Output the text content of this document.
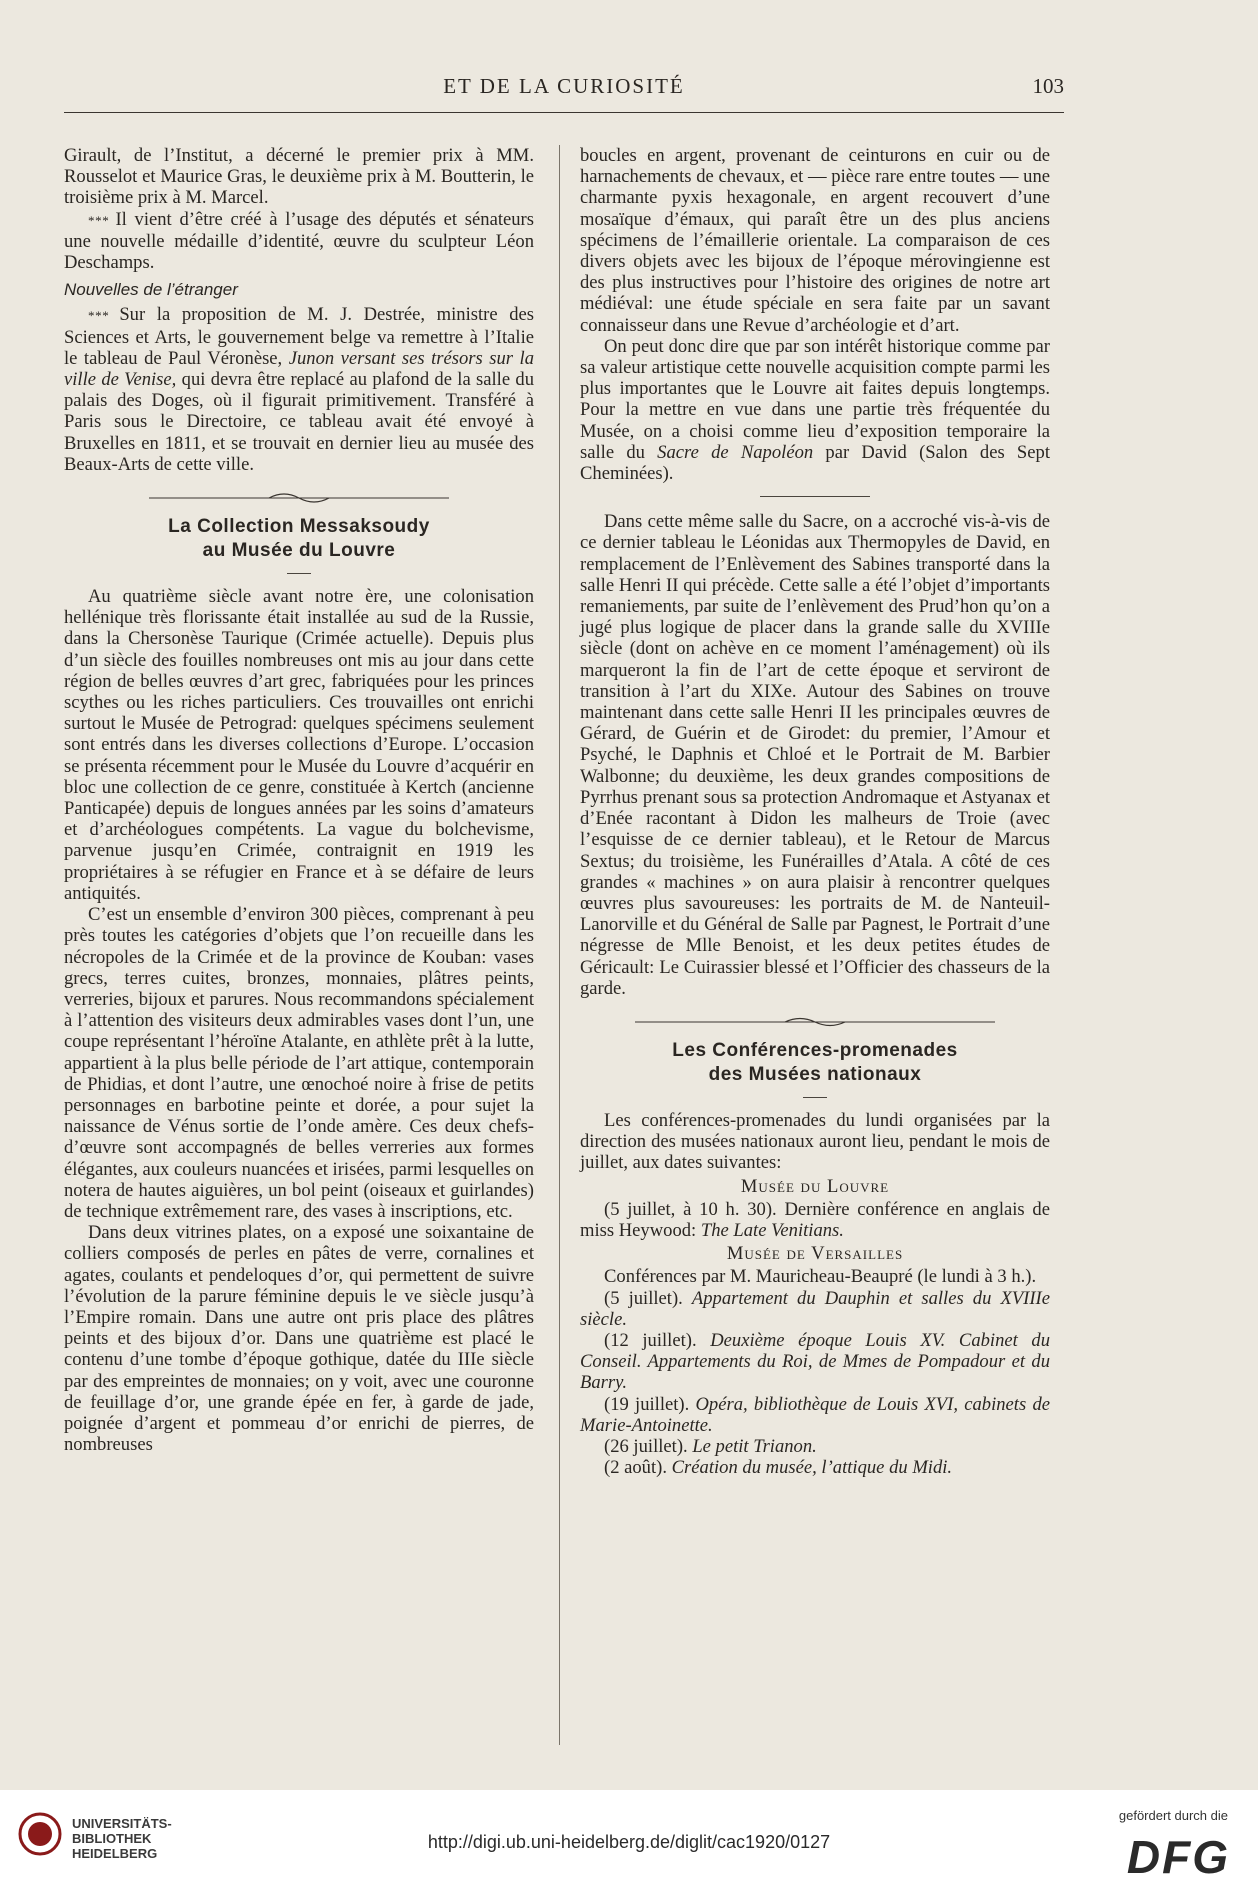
ET DE LA CURIOSITÉ	103

Girault, de l’Institut, a décerné le premier prix à MM. Rousselot et Maurice Gras, le deuxième prix à M. Boutterin, le troisième prix à M. Marcel.

* * * Il vient d’être créé à l’usage des députés et sénateurs une nouvelle médaille d’identité, œuvre du sculpteur Léon Deschamps.

Nouvelles de l’étranger

* * * Sur la proposition de M. J. Destrée, ministre des Sciences et Arts, le gouvernement belge va remettre à l’Italie le tableau de Paul Véronèse, Junon versant ses trésors sur la ville de Venise, qui devra être replacé au plafond de la salle du palais des Doges, où il figurait primitivement. Transféré à Paris sous le Directoire, ce tableau avait été envoyé à Bruxelles en 1811, et se trouvait en dernier lieu au musée des Beaux-Arts de cette ville.

La Collection Messaksoudy
au Musée du Louvre

Au quatrième siècle avant notre ère, une colonisation hellénique très florissante était installée au sud de la Russie, dans la Chersonèse Taurique (Crimée actuelle). Depuis plus d’un siècle des fouilles nombreuses ont mis au jour dans cette région de belles œuvres d’art grec, fabriquées pour les princes scythes ou les riches particuliers. Ces trouvailles ont enrichi surtout le Musée de Petrograd: quelques spécimens seulement sont entrés dans les diverses collections d’Europe. L’occasion se présenta récemment pour le Musée du Louvre d’acquérir en bloc une collection de ce genre, constituée à Kertch (ancienne Panticapée) depuis de longues années par les soins d’amateurs et d’archéologues compétents. La vague du bolchevisme, parvenue jusqu’en Crimée, contraignit en 1919 les propriétaires à se réfugier en France et à se défaire de leurs antiquités.

C’est un ensemble d’environ 300 pièces, comprenant à peu près toutes les catégories d’objets que l’on recueille dans les nécropoles de la Crimée et de la province de Kouban: vases grecs, terres cuites, bronzes, monnaies, plâtres peints, verreries, bijoux et parures. Nous recommandons spécialement à l’attention des visiteurs deux admirables vases dont l’un, une coupe représentant l’héroïne Atalante, en athlète prêt à la lutte, appartient à la plus belle période de l’art attique, contemporain de Phidias, et dont l’autre, une œnochoé noire à frise de petits personnages en barbotine peinte et dorée, a pour sujet la naissance de Vénus sortie de l’onde amère. Ces deux chefs-d’œuvre sont accompagnés de belles verreries aux formes élégantes, aux couleurs nuancées et irisées, parmi lesquelles on notera de hautes aiguières, un bol peint (oiseaux et guirlandes) de technique extrêmement rare, des vases à inscriptions, etc.

Dans deux vitrines plates, on a exposé une soixantaine de colliers composés de perles en pâtes de verre, cornalines et agates, coulants et pendeloques d’or, qui permettent de suivre l’évolution de la parure féminine depuis le ve siècle jusqu’à l’Empire romain. Dans une autre ont pris place des plâtres peints et des bijoux d’or. Dans une quatrième est placé le contenu d’une tombe d’époque gothique, datée du IIIe siècle par des empreintes de monnaies; on y voit, avec une couronne de feuillage d’or, une grande épée en fer, à garde de jade, poignée d’argent et pommeau d’or enrichi de pierres, de nombreuses

boucles en argent, provenant de ceinturons en cuir ou de harnachements de chevaux, et — pièce rare entre toutes — une charmante pyxis hexagonale, en argent recouvert d’une mosaïque d’émaux, qui paraît être un des plus anciens spécimens de l’émaillerie orientale. La comparaison de ces divers objets avec les bijoux de l’époque mérovingienne est des plus instructives pour l’histoire des origines de notre art médiéval: une étude spéciale en sera faite par un savant connaisseur dans une Revue d’archéologie et d’art.

On peut donc dire que par son intérêt historique comme par sa valeur artistique cette nouvelle acquisition compte parmi les plus importantes que le Louvre ait faites depuis longtemps. Pour la mettre en vue dans une partie très fréquentée du Musée, on a choisi comme lieu d’exposition temporaire la salle du Sacre de Napoléon par David (Salon des Sept Cheminées).

Dans cette même salle du Sacre, on a accroché vis-à-vis de ce dernier tableau le Léonidas aux Thermopyles de David, en remplacement de l’Enlèvement des Sabines transporté dans la salle Henri II qui précède. Cette salle a été l’objet d’importants remaniements, par suite de l’enlèvement des Prud’hon qu’on a jugé plus logique de placer dans la grande salle du XVIIIe siècle (dont on achève en ce moment l’aménagement) où ils marqueront la fin de l’art de cette époque et serviront de transition à l’art du XIXe. Autour des Sabines on trouve maintenant dans cette salle Henri II les principales œuvres de Gérard, de Guérin et de Girodet: du premier, l’Amour et Psyché, le Daphnis et Chloé et le Portrait de M. Barbier Walbonne; du deuxième, les deux grandes compositions de Pyrrhus prenant sous sa protection Andromaque et Astyanax et d’Enée racontant à Didon les malheurs de Troie (avec l’esquisse de ce dernier tableau), et le Retour de Marcus Sextus; du troisième, les Funérailles d’Atala. A côté de ces grandes « machines » on aura plaisir à rencontrer quelques œuvres plus savoureuses: les portraits de M. de Nanteuil-Lanorville et du Général de Salle par Pagnest, le Portrait d’une négresse de Mlle Benoist, et les deux petites études de Géricault: Le Cuirassier blessé et l’Officier des chasseurs de la garde.

Les Conférences-promenades
des Musées nationaux

Les conférences-promenades du lundi organisées par la direction des musées nationaux auront lieu, pendant le mois de juillet, aux dates suivantes:

Musée du Louvre

(5 juillet, à 10 h. 30). Dernière conférence en anglais de miss Heywood: The Late Venitians.

Musée de Versailles

Conférences par M. Mauricheau-Beaupré (le lundi à 3 h.).

(5 juillet). Appartement du Dauphin et salles du XVIIIe siècle.

(12 juillet). Deuxième époque Louis XV. Cabinet du Conseil. Appartements du Roi, de Mmes de Pompadour et du Barry.

(19 juillet). Opéra, bibliothèque de Louis XVI, cabinets de Marie-Antoinette.

(26 juillet). Le petit Trianon.

(2 août). Création du musée, l’attique du Midi.

UNIVERSITÄTS-
BIBLIOTHEK
HEIDELBERG
http://digi.ub.uni-heidelberg.de/diglit/cac1920/0127
gefördert durch die
DFG
